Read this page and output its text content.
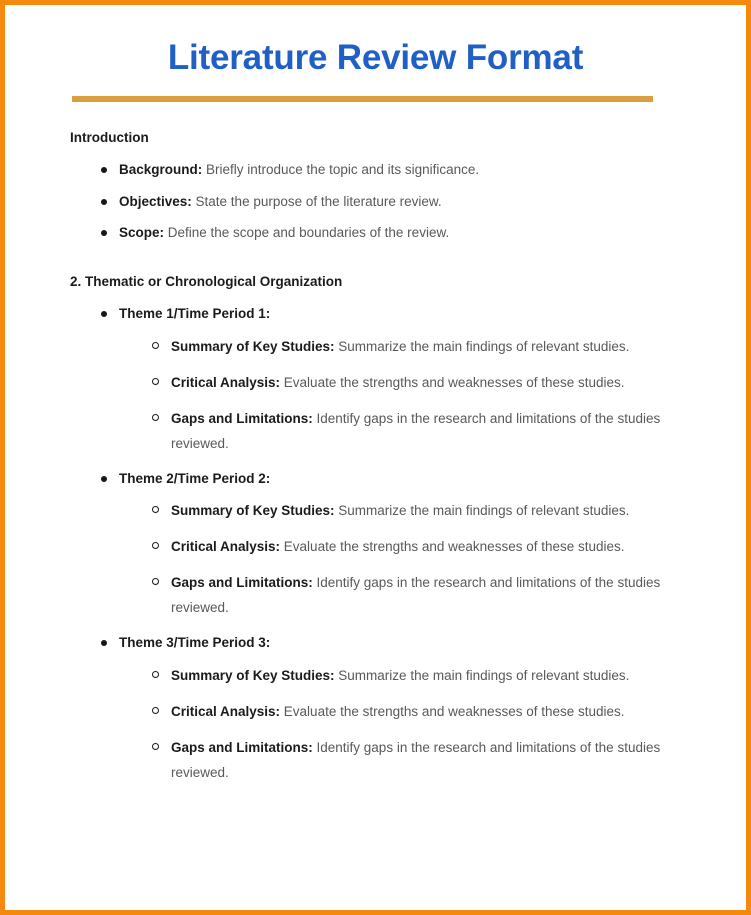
Literature Review Format
Introduction
Background: Briefly introduce the topic and its significance.
Objectives: State the purpose of the literature review.
Scope: Define the scope and boundaries of the review.
2. Thematic or Chronological Organization
Theme 1/Time Period 1:
Summary of Key Studies: Summarize the main findings of relevant studies.
Critical Analysis: Evaluate the strengths and weaknesses of these studies.
Gaps and Limitations: Identify gaps in the research and limitations of the studies reviewed.
Theme 2/Time Period 2:
Summary of Key Studies: Summarize the main findings of relevant studies.
Critical Analysis: Evaluate the strengths and weaknesses of these studies.
Gaps and Limitations: Identify gaps in the research and limitations of the studies reviewed.
Theme 3/Time Period 3:
Summary of Key Studies: Summarize the main findings of relevant studies.
Critical Analysis: Evaluate the strengths and weaknesses of these studies.
Gaps and Limitations: Identify gaps in the research and limitations of the studies reviewed.
